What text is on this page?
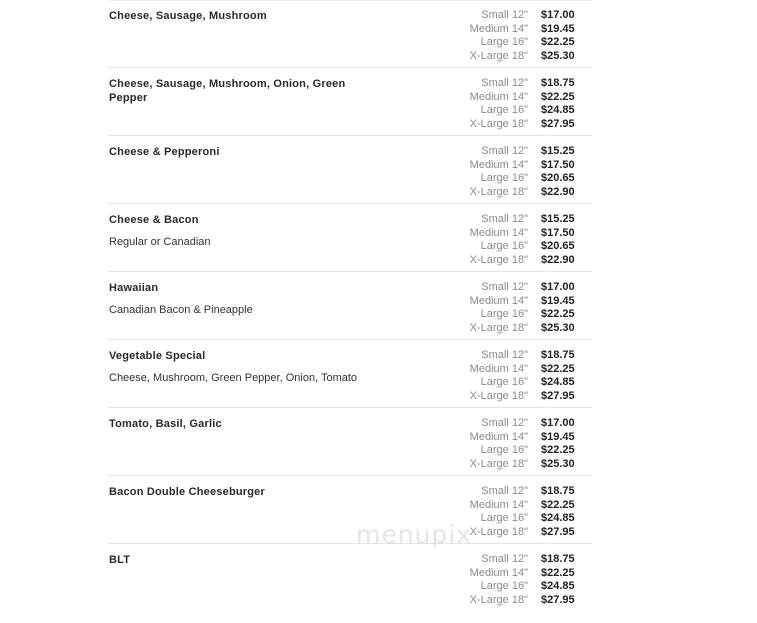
Cheese, Sausage, Mushroom	Small 12"	$17.00
Medium 14"	$19.45
Large 16"	$22.25
X-Large 18"	$25.30
Cheese, Sausage, Mushroom, Onion, Green Pepper
Small 12"	$18.75
Medium 14"	$22.25
Large 16"	$24.85
X-Large 18"	$27.95
Cheese & Pepperoni	Small 12"	$15.25
Medium 14"	$17.50
Large 16"	$20.65
X-Large 18"	$22.90
Cheese & Bacon
Regular or Canadian
Small 12"	$15.25
Medium 14"	$17.50
Large 16"	$20.65
X-Large 18"	$22.90
Hawaiian
Canadian Bacon & Pineapple
Small 12"	$17.00
Medium 14"	$19.45
Large 16"	$22.25
X-Large 18"	$25.30
Vegetable Special
Cheese, Mushroom, Green Pepper, Onion, Tomato
Small 12"	$18.75
Medium 14"	$22.25
Large 16"	$24.85
X-Large 18"	$27.95
Tomato, Basil, Garlic	Small 12"	$17.00
Medium 14"	$19.45
Large 16"	$22.25
X-Large 18"	$25.30
Bacon Double Cheeseburger	Small 12"	$18.75
Medium 14"	$22.25
Large 16"	$24.85
X-Large 18"	$27.95
BLT	Small 12"	$18.75
Medium 14"	$22.25
Large 16"	$24.85
X-Large 18"	$27.95
menupix
